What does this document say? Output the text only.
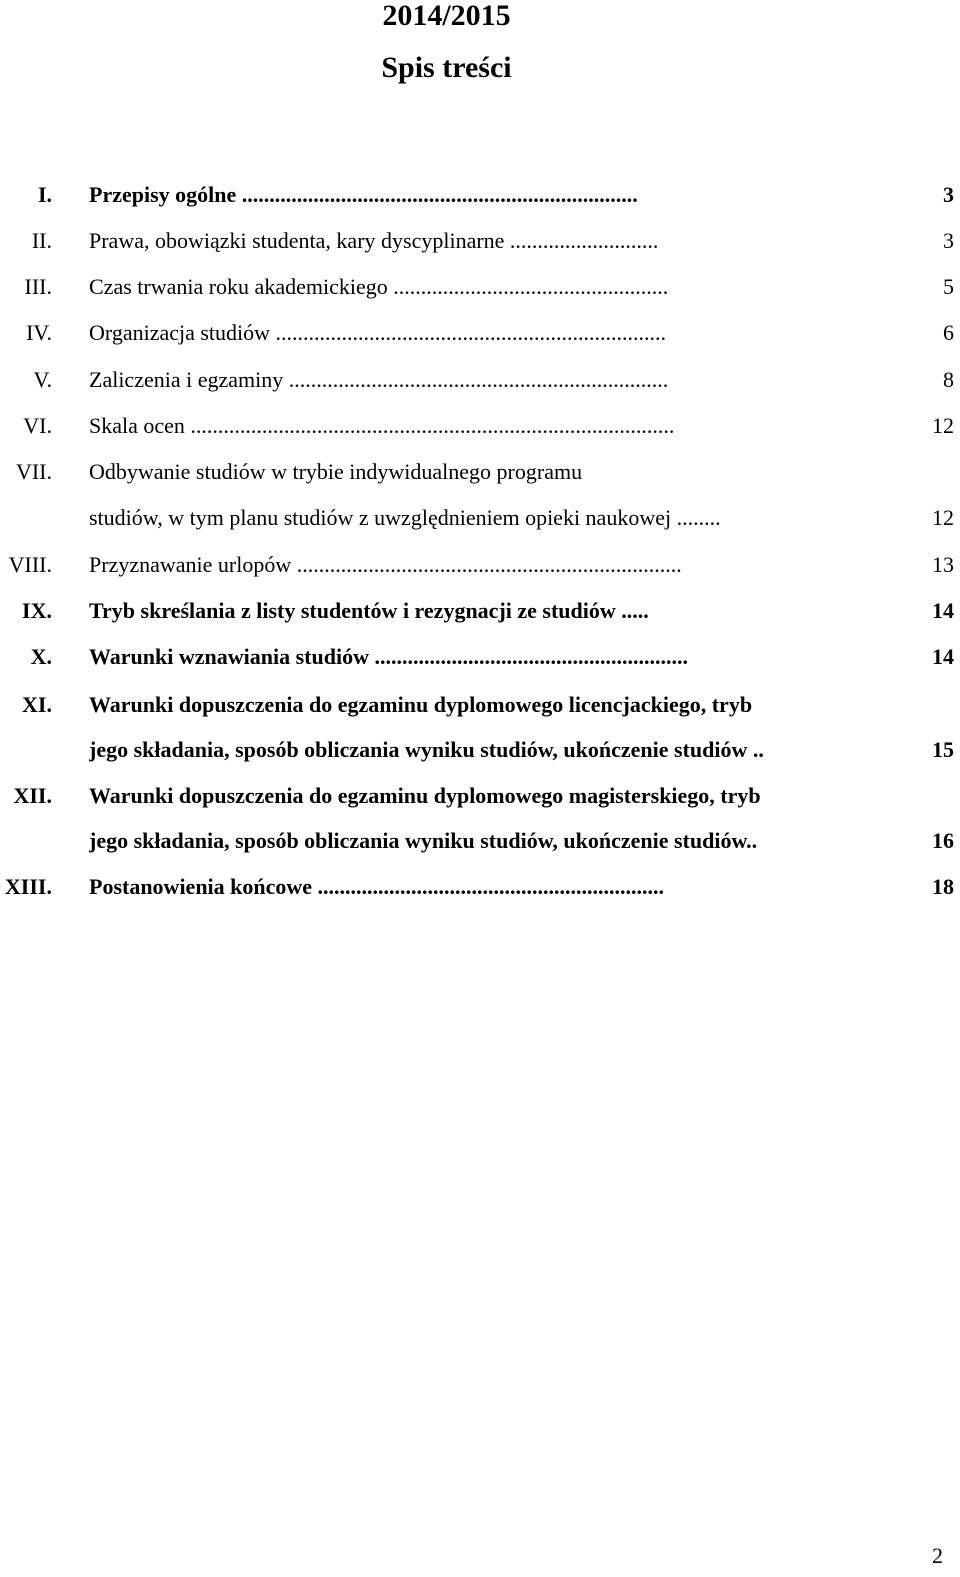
2014/2015
Spis treści
I. Przepisy ogólne ........................................................................	3
II. Prawa, obowiązki studenta, kary dyscyplinarne ...........................	3
III. Czas trwania roku akademickiego ..................................................	5
IV. Organizacja studiów .......................................................................	6
V. Zaliczenia i egzaminy .....................................................................	8
VI. Skala ocen ........................................................................................	12
VII. Odbywanie studiów w trybie indywidualnego programu
studiów, w tym planu studiów z uwzględnieniem opieki naukowej ........	12
VIII. Przyznawanie urlopów ......................................................................	13
IX. Tryb skreślania z listy studentów i rezygnacji ze studiów .....	14
X. Warunki wznawiania studiów .........................................................	14
XI. Warunki dopuszczenia do egzaminu dyplomowego licencjackiego, tryb
jego składania, sposób obliczania wyniku studiów, ukończenie studiów ..	15
XII. Warunki dopuszczenia do egzaminu dyplomowego magisterskiego, tryb
jego składania, sposób obliczania wyniku studiów, ukończenie studiów..	16
XIII. Postanowienia końcowe ...............................................................	18
2
